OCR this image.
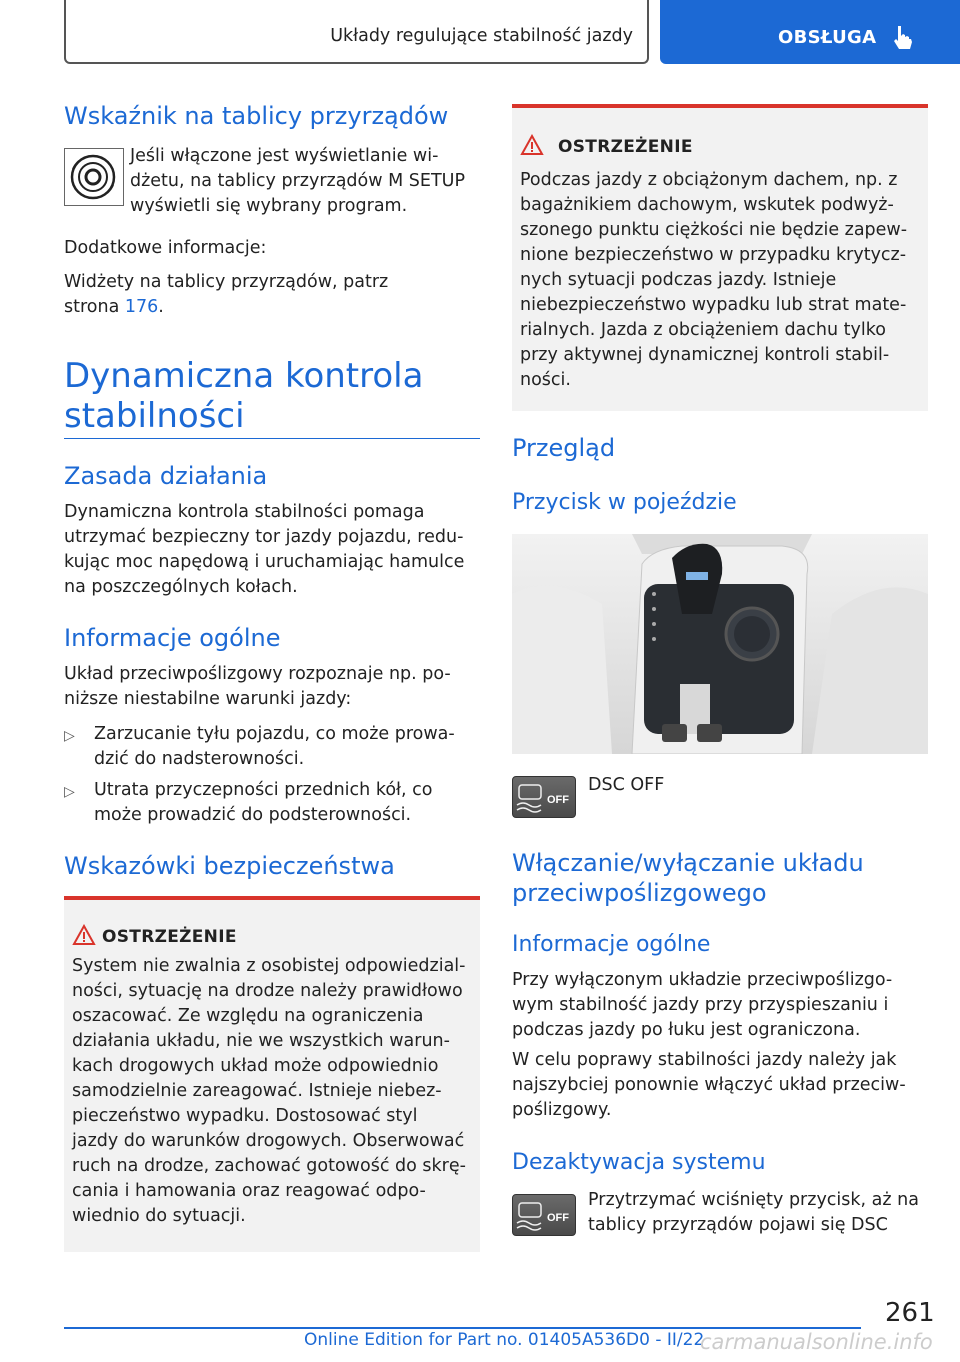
Układy regulujące stabilność jazdy	OBSŁUGA
Wskaźnik na tablicy przyrządów
Jeśli włączone jest wyświetlanie wi-
dżetu, na tablicy przyrządów M SETUP
wyświetli się wybrany program.
Dodatkowe informacje:
Widżety na tablicy przyrządów, patrz
strona 176.
Dynamiczna kontrola
stabilności
Zasada działania
Dynamiczna kontrola stabilności pomaga
utrzymać bezpieczny tor jazdy pojazdu, redu-
kując moc napędową i uruchamiając hamulce
na poszczególnych kołach.
Informacje ogólne
Układ przeciwpoślizgowy rozpoznaje np. po-
niższe niestabilne warunki jazdy:
▷ Zarzucanie tyłu pojazdu, co może prowa-
dzić do nadsterowności.
▷ Utrata przyczepności przednich kół, co
może prowadzić do podsterowności.
Wskazówki bezpieczeństwa
OSTRZEŻENIE
System nie zwalnia z osobistej odpowiedzial-
ności, sytuację na drodze należy prawidłowo
oszacować. Ze względu na ograniczenia
działania układu, nie we wszystkich warun-
kach drogowych układ może odpowiednio
samodzielnie zareagować. Istnieje niebez-
pieczeństwo wypadku. Dostosować styl
jazdy do warunków drogowych. Obserwować
ruch na drodze, zachować gotowość do skrę-
cania i hamowania oraz reagować odpo-
wiednio do sytuacji.
OSTRZEŻENIE
Podczas jazdy z obciążonym dachem, np. z
bagażnikiem dachowym, wskutek podwyż-
szonego punktu ciężkości nie będzie zapew-
nione bezpieczeństwo w przypadku krytycz-
nych sytuacji podczas jazdy. Istnieje
niebezpieczeństwo wypadku lub strat mate-
rialnych. Jazda z obciążeniem dachu tylko
przy aktywnej dynamicznej kontroli stabil-
ności.
Przegląd
Przycisk w pojeździe
OFF
DSC OFF
Włączanie/wyłączanie układu
przeciwpoślizgowego
Informacje ogólne
Przy wyłączonym układzie przeciwpoślizgo-
wym stabilność jazdy przy przyspieszaniu i
podczas jazdy po łuku jest ograniczona.
W celu poprawy stabilności jazdy należy jak
najszybciej ponownie włączyć układ przeciw-
poślizgowy.
Dezaktywacja systemu
OFF
Przytrzymać wciśnięty przycisk, aż na
tablicy przyrządów pojawi się DSC
261
Online Edition for Part no. 01405A536D0 - II/22
carmanualsonline.info
